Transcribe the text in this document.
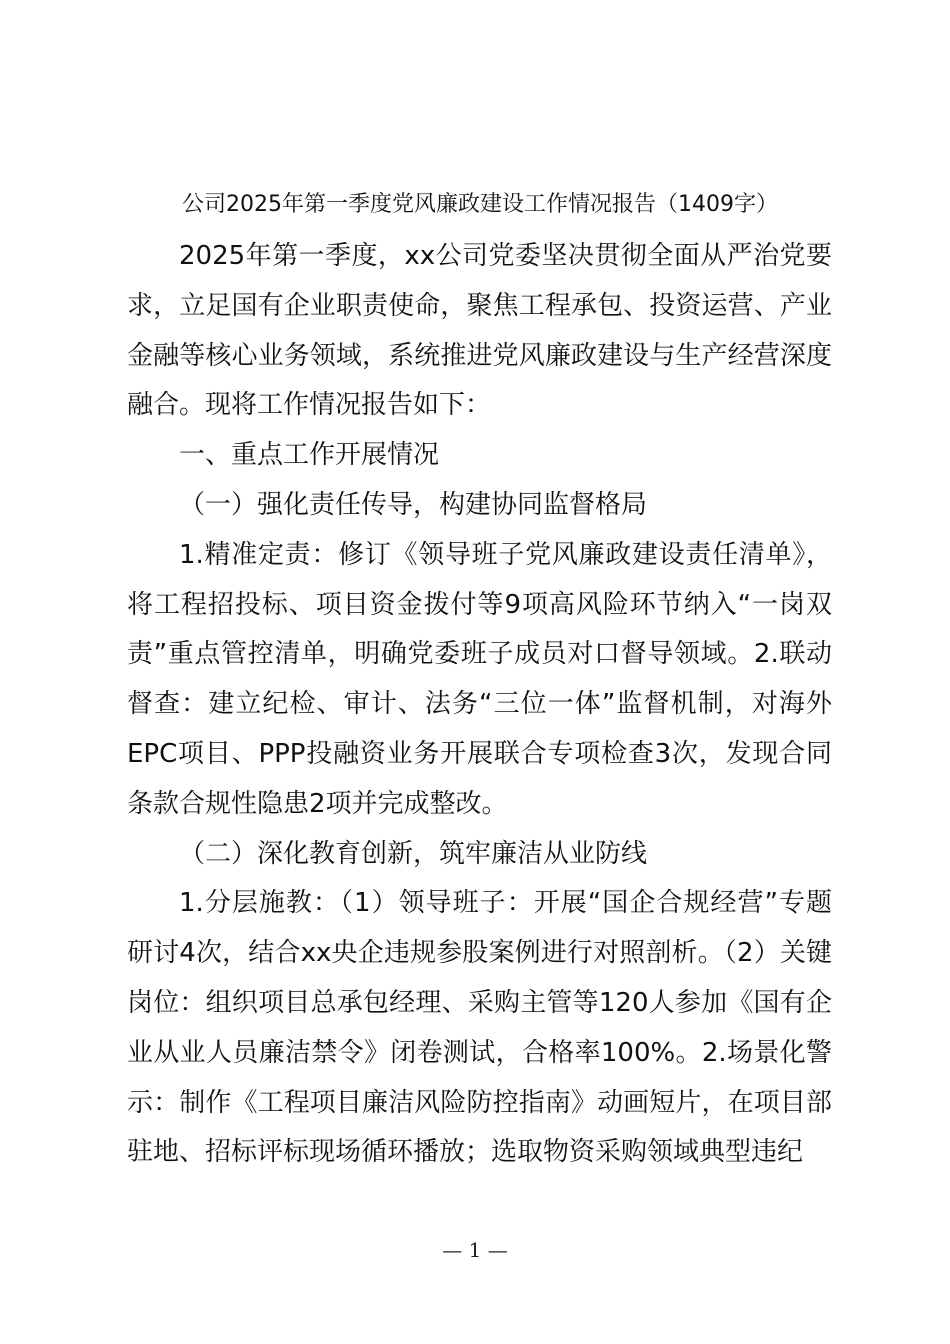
公司2025年第一季度党风廉政建设工作情况报告（1409字）

2025年第一季度，xx公司党委坚决贯彻全面从严治党要求，立足国有企业职责使命，聚焦工程承包、投资运营、产业金融等核心业务领域，系统推进党风廉政建设与生产经营深度融合。现将工作情况报告如下：

一、重点工作开展情况

（一）强化责任传导，构建协同监督格局

1.精准定责：修订《领导班子党风廉政建设责任清单》，将工程招投标、项目资金拨付等9项高风险环节纳入“一岗双责”重点管控清单，明确党委班子成员对口督导领域。2.联动督查：建立纪检、审计、法务“三位一体”监督机制，对海外EPC项目、PPP投融资业务开展联合专项检查3次，发现合同条款合规性隐患2项并完成整改。

（二）深化教育创新，筑牢廉洁从业防线

1.分层施教：（1）领导班子：开展“国企合规经营”专题研讨4次，结合xx央企违规参股案例进行对照剖析。（2）关键岗位：组织项目总承包经理、采购主管等120人参加《国有企业从业人员廉洁禁令》闭卷测试，合格率100%。2.场景化警示：制作《工程项目廉洁风险防控指南》动画短片，在项目部驻地、招标评标现场循环播放；选取物资采购领域典型违纪

— 1 —
